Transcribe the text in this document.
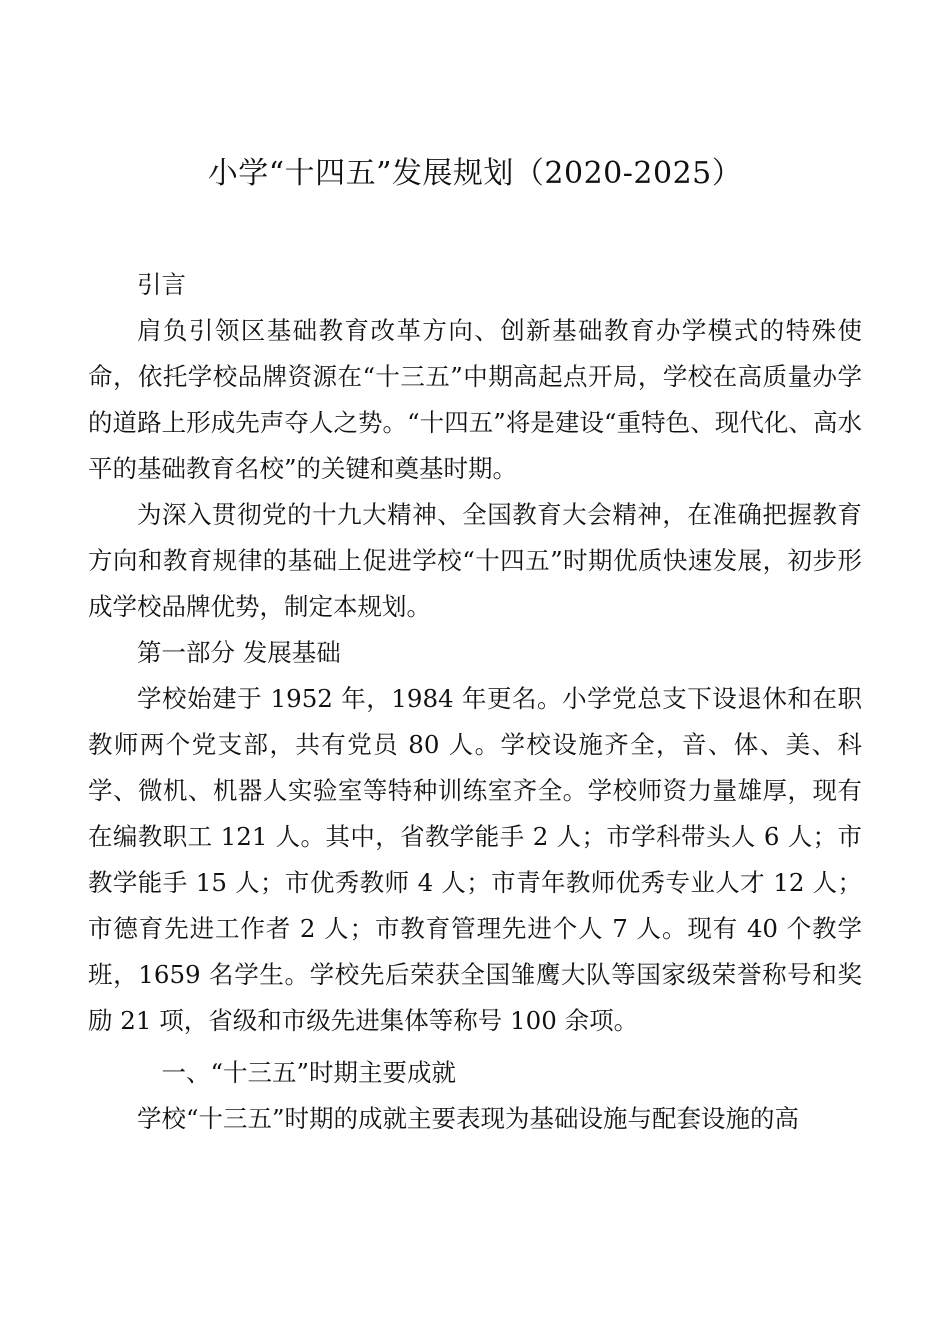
小学“十四五”发展规划（2020-2025）

引言

肩负引领区基础教育改革方向、创新基础教育办学模式的特殊使命，依托学校品牌资源在“十三五”中期高起点开局，学校在高质量办学的道路上形成先声夺人之势。“十四五”将是建设“重特色、现代化、高水平的基础教育名校”的关键和奠基时期。

为深入贯彻党的十九大精神、全国教育大会精神，在准确把握教育方向和教育规律的基础上促进学校“十四五”时期优质快速发展，初步形成学校品牌优势，制定本规划。

第一部分 发展基础

学校始建于 1952 年，1984 年更名。小学党总支下设退休和在职教师两个党支部，共有党员 80 人。学校设施齐全，音、体、美、科学、微机、机器人实验室等特种训练室齐全。学校师资力量雄厚，现有在编教职工 121 人。其中，省教学能手 2 人；市学科带头人 6 人；市教学能手 15 人；市优秀教师 4 人；市青年教师优秀专业人才 12 人；市德育先进工作者 2 人；市教育管理先进个人 7 人。现有 40 个教学班，1659 名学生。学校先后荣获全国雏鹰大队等国家级荣誉称号和奖励 21 项，省级和市级先进集体等称号 100 余项。

一、“十三五”时期主要成就

学校“十三五”时期的成就主要表现为基础设施与配套设施的高
